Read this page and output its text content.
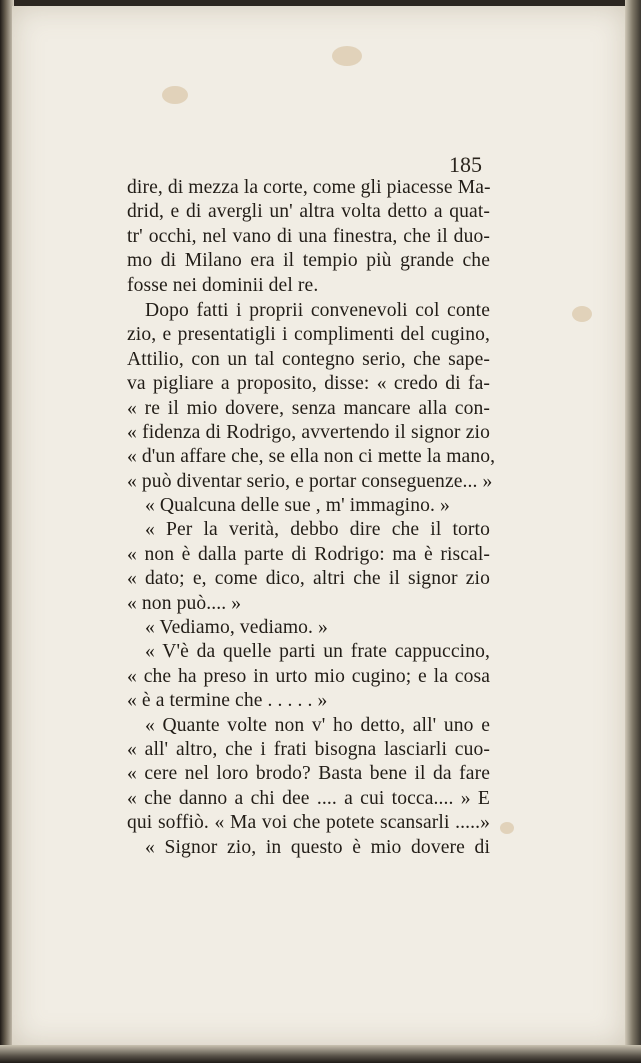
185
dire, di mezza la corte, come gli piacesse Ma-
drid, e di avergli un' altra volta detto a quat-
tr' occhi, nel vano di una finestra, che il duo-
mo di Milano era il tempio più grande che
fosse nei dominii del re.
Dopo fatti i proprii convenevoli col conte
zio, e presentatigli i complimenti del cugino,
Attilio, con un tal contegno serio, che sape-
va pigliare a proposito, disse: « credo di fa-
« re il mio dovere, senza mancare alla con-
« fidenza di Rodrigo, avvertendo il signor zio
« d'un affare che, se ella non ci mette la mano,
« può diventar serio, e portar conseguenze... »
« Qualcuna delle sue , m' immagino. »
« Per la verità, debbo dire che il torto
« non è dalla parte di Rodrigo: ma è riscal-
« dato; e, come dico, altri che il signor zio
« non può.... »
« Vediamo, vediamo. »
« V'è da quelle parti un frate cappuccino,
« che ha preso in urto mio cugino; e la cosa
« è a termine che . . . . . »
« Quante volte non v' ho detto, all' uno e
« all' altro, che i frati bisogna lasciarli cuo-
« cere nel loro brodo? Basta bene il da fare
« che danno a chi dee .... a cui tocca.... » E
qui soffiò. « Ma voi che potete scansarli .....»
« Signor zio, in questo è mio dovere di
